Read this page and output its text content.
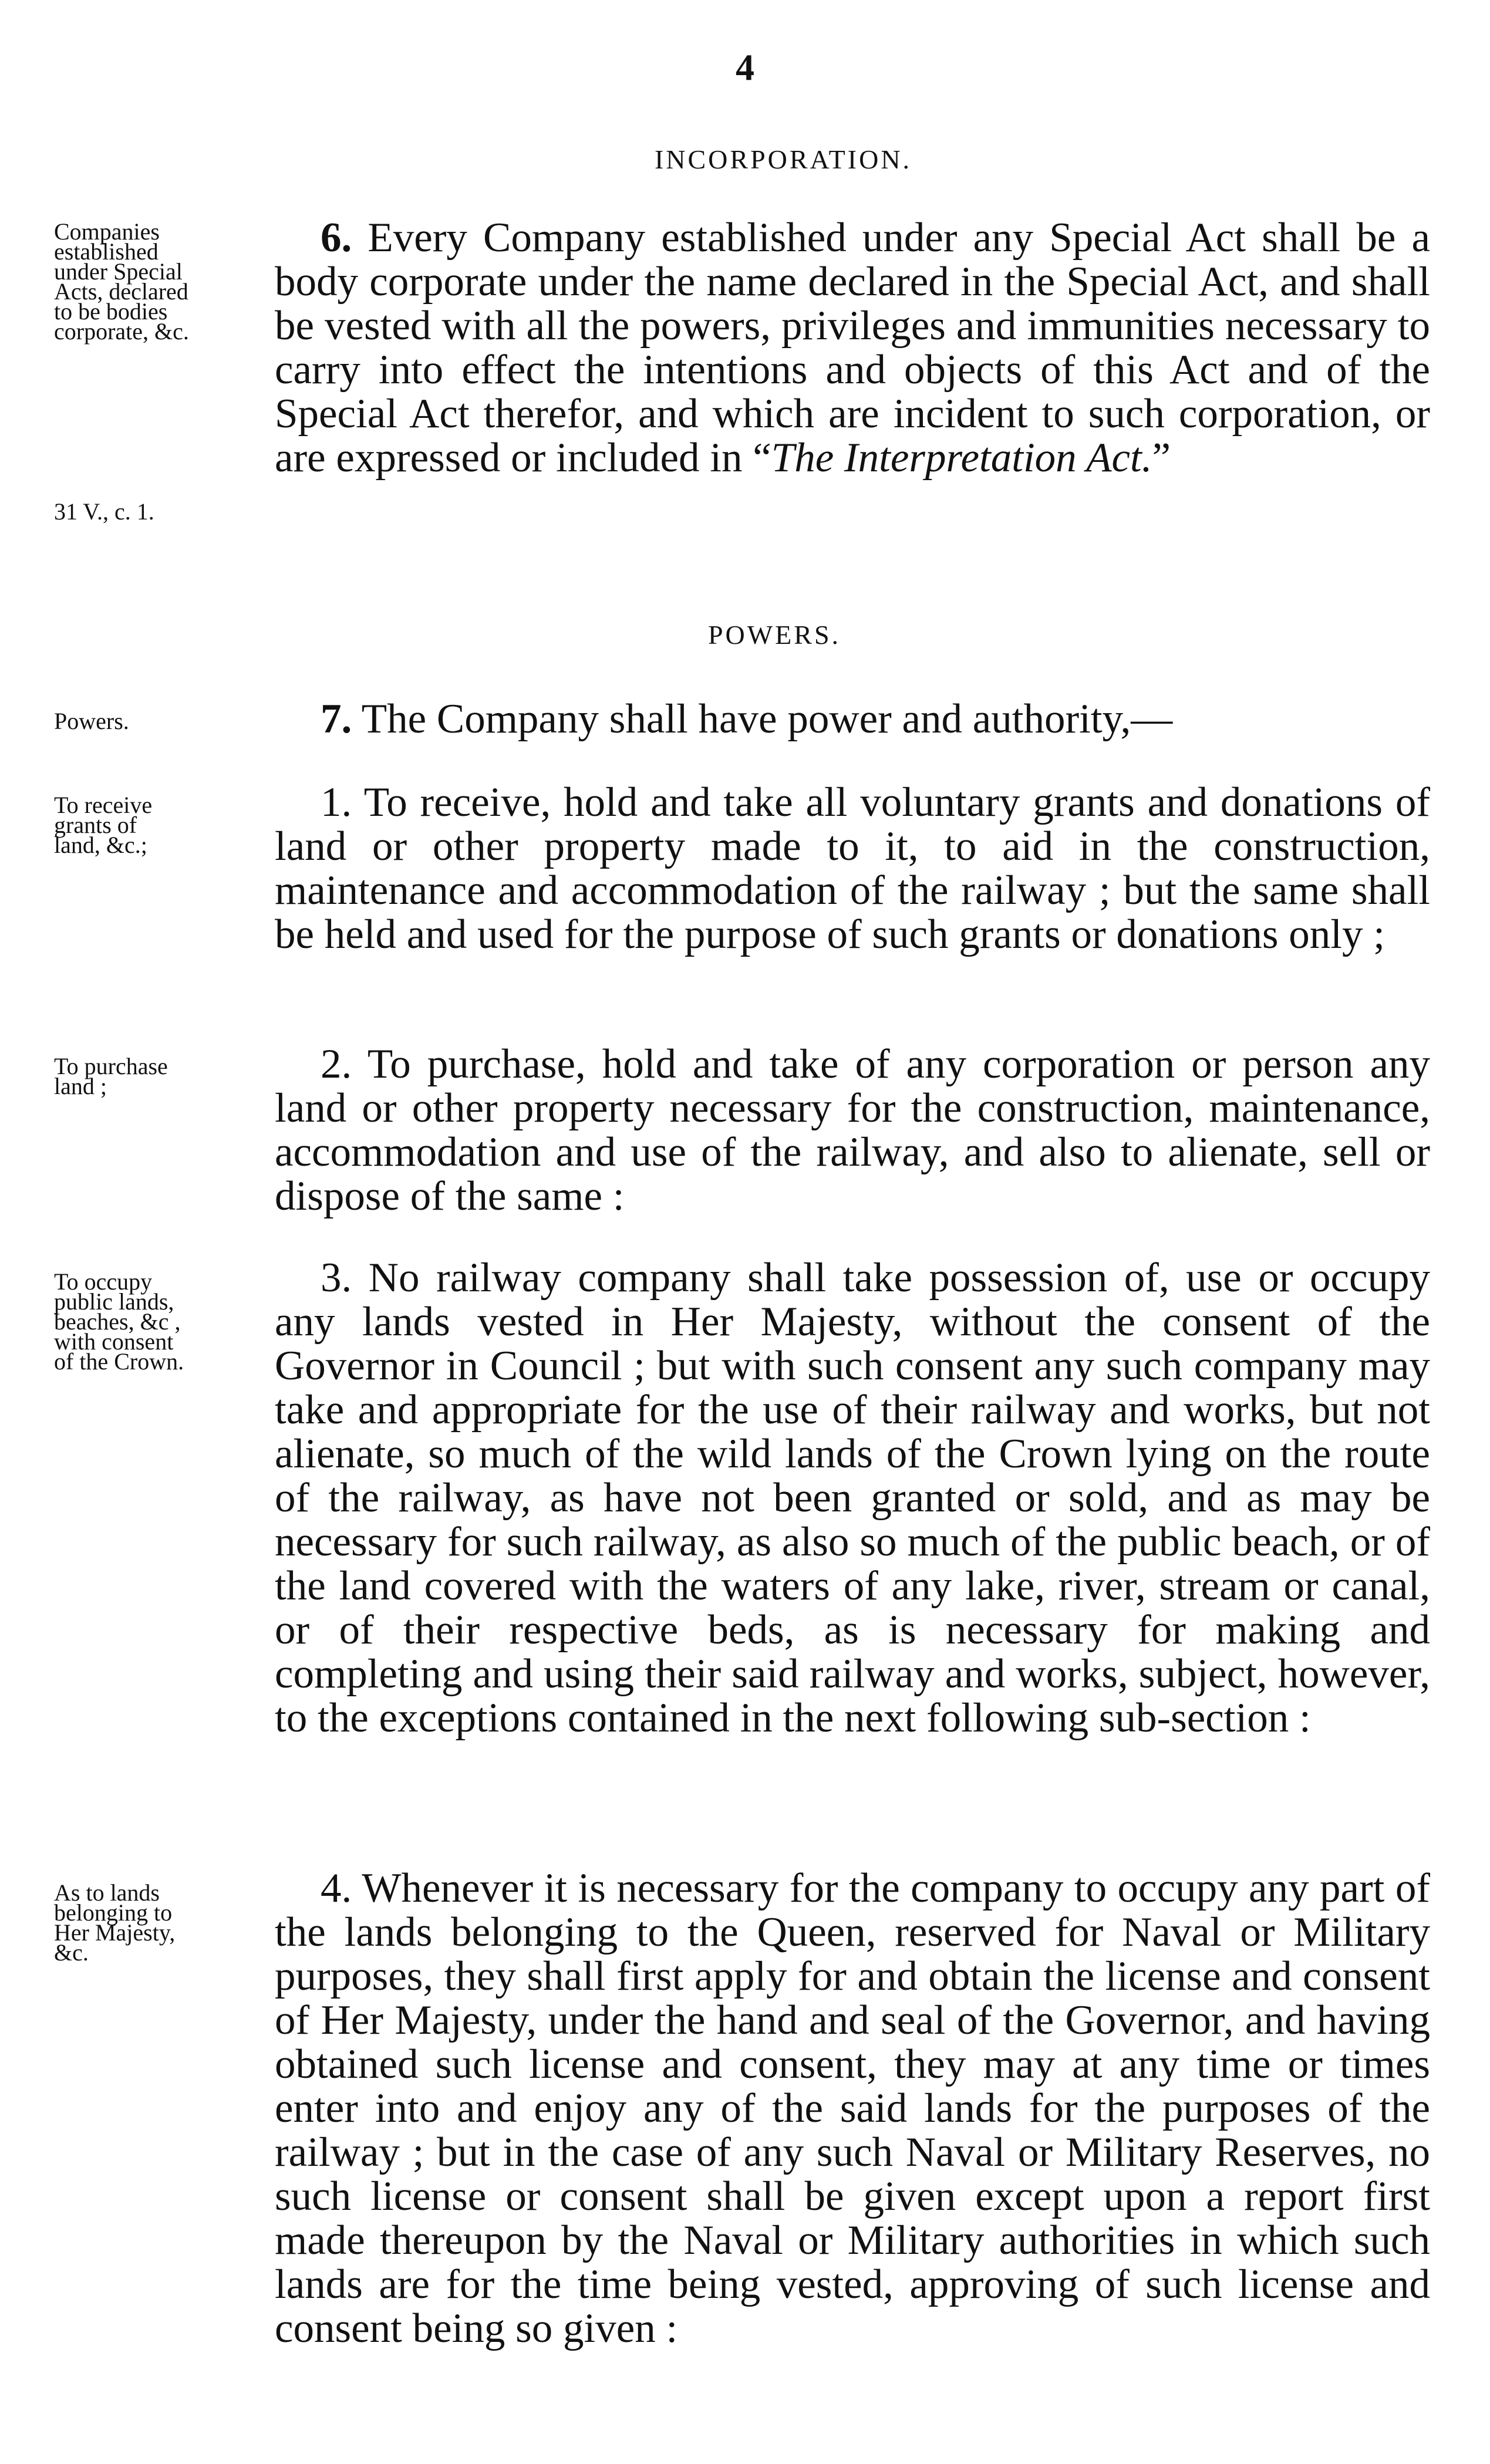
4
INCORPORATION.
Companies
established
under Special
Acts, declared
to be bodies
corporate, &c.
31 V., c. 1.

6. Every Company established under any Special Act shall be a body corporate under the name declared in the Special Act, and shall be vested with all the powers, privileges and immunities necessary to carry into effect the intentions and objects of this Act and of the Special Act therefor, and which are incident to such corporation, or are expressed or included in “The Interpretation Act.”

POWERS.
Powers.	7. The Company shall have power and authority,—

To receive
grants of
land, &c.;

1. To receive, hold and take all voluntary grants and donations of land or other property made to it, to aid in the construction, maintenance and accommodation of the railway ; but the same shall be held and used for the purpose of such grants or donations only ;

To purchase
land ;	2. To purchase, hold and take of any corporation or person any land or other property necessary for the construction, maintenance, accommodation and use of the railway, and also to alienate, sell or dispose of the same :

To occupy
public lands,
beaches, &c ,
with consent
of the Crown.

3. No railway company shall take possession of, use or occupy any lands vested in Her Majesty, without the consent of the Governor in Council ; but with such consent any such company may take and appropriate for the use of their railway and works, but not alienate, so much of the wild lands of the Crown lying on the route of the railway, as have not been granted or sold, and as may be necessary for such railway, as also so much of the public beach, or of the land covered with the waters of any lake, river, stream or canal, or of their respective beds, as is necessary for making and completing and using their said railway and works, subject, however, to the exceptions contained in the next following sub-section :

As to lands
belonging to
Her Majesty,
&c.

4. Whenever it is necessary for the company to occupy any part of the lands belonging to the Queen, reserved for Naval or Military purposes, they shall first apply for and obtain the license and consent of Her Majesty, under the hand and seal of the Governor, and having obtained such license and consent, they may at any time or times enter into and enjoy any of the said lands for the purposes of the railway ; but in the case of any such Naval or Military Reserves, no such license or consent shall be given except upon a report first made thereupon by the Naval or Military authorities in which such lands are for the time being vested, approving of such license and consent being so given :
